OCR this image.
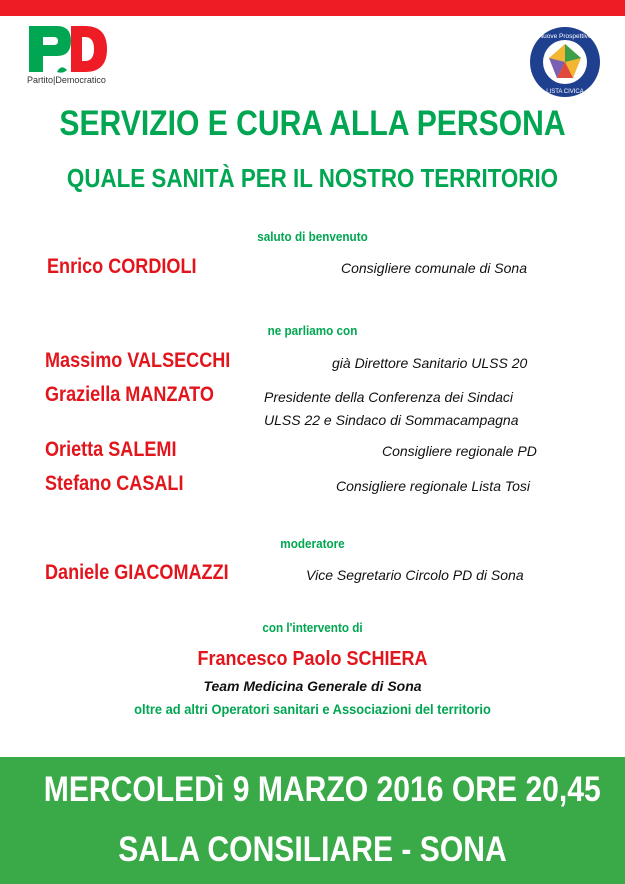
Partito|Democratico
Nuove Prospettive
LISTA CIVICA
SERVIZIO E CURA ALLA PERSONA
QUALE SANITÀ PER IL NOSTRO TERRITORIO
saluto di benvenuto
Enrico CORDIOLI	Consigliere comunale di Sona
ne parliamo con
Massimo VALSECCHI	già Direttore Sanitario ULSS 20
Graziella MANZATO	Presidente della Conferenza dei Sindaci
ULSS 22 e Sindaco di Sommacampagna
Orietta SALEMI	Consigliere regionale PD
Stefano CASALI	Consigliere regionale Lista Tosi
moderatore
Daniele GIACOMAZZI	Vice Segretario Circolo PD di Sona
con l'intervento di
Francesco Paolo SCHIERA
Team Medicina Generale di Sona
oltre ad altri Operatori sanitari e Associazioni del territorio
MERCOLEDì 9 MARZO 2016 ORE 20,45
SALA CONSILIARE - SONA
